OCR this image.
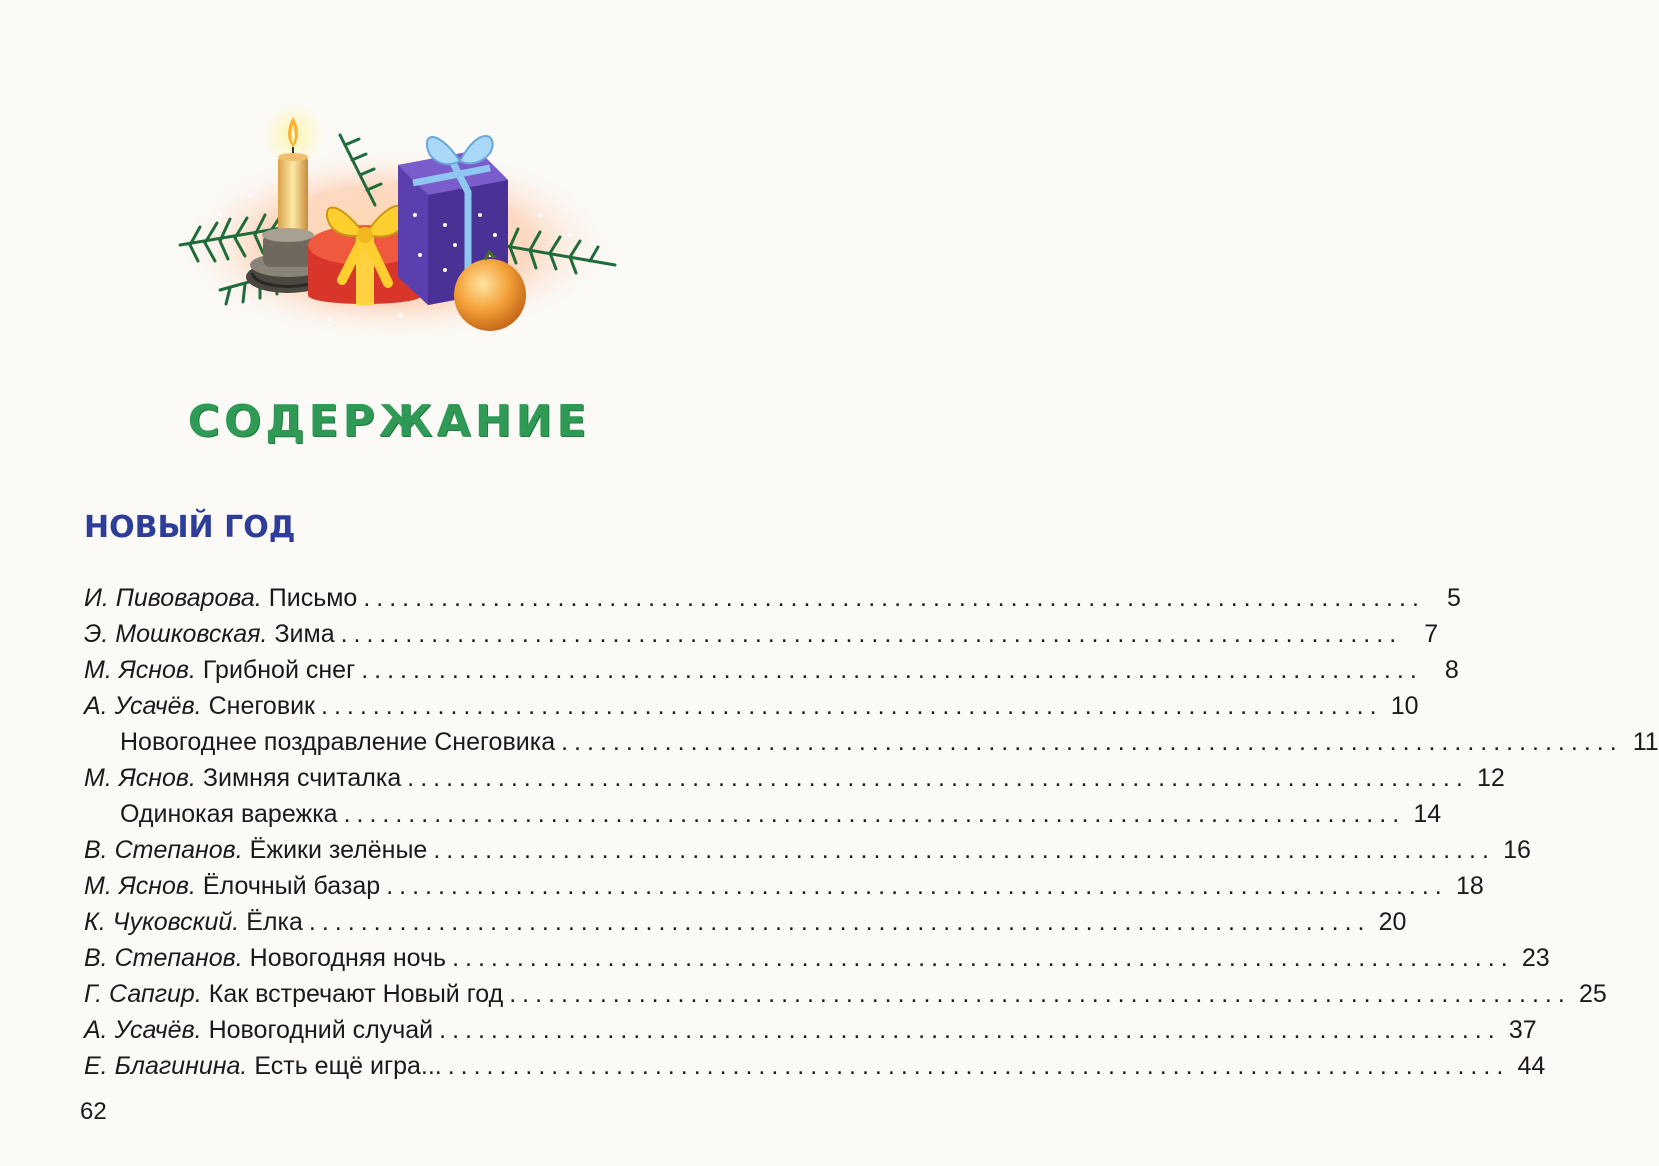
СОДЕРЖАНИЕ
НОВЫЙ ГОД
И. Пивоварова. Письмо .................................................................................. 5
Э. Мошковская. Зима .................................................................................. 7
М. Яснов. Грибной снег .................................................................................. 8
А. Усачёв. Снеговик .................................................................................. 10
Новогоднее поздравление Снеговика .................................................................................. 11
М. Яснов. Зимняя считалка .................................................................................. 12
Одинокая варежка .................................................................................. 14
В. Степанов. Ёжики зелёные .................................................................................. 16
М. Яснов. Ёлочный базар .................................................................................. 18
К. Чуковский. Ёлка .................................................................................. 20
В. Степанов. Новогодняя ночь .................................................................................. 23
Г. Сапгир. Как встречают Новый год .................................................................................. 25
А. Усачёв. Новогодний случай .................................................................................. 37
Е. Благинина. Есть ещё игра... .................................................................................. 44
62
